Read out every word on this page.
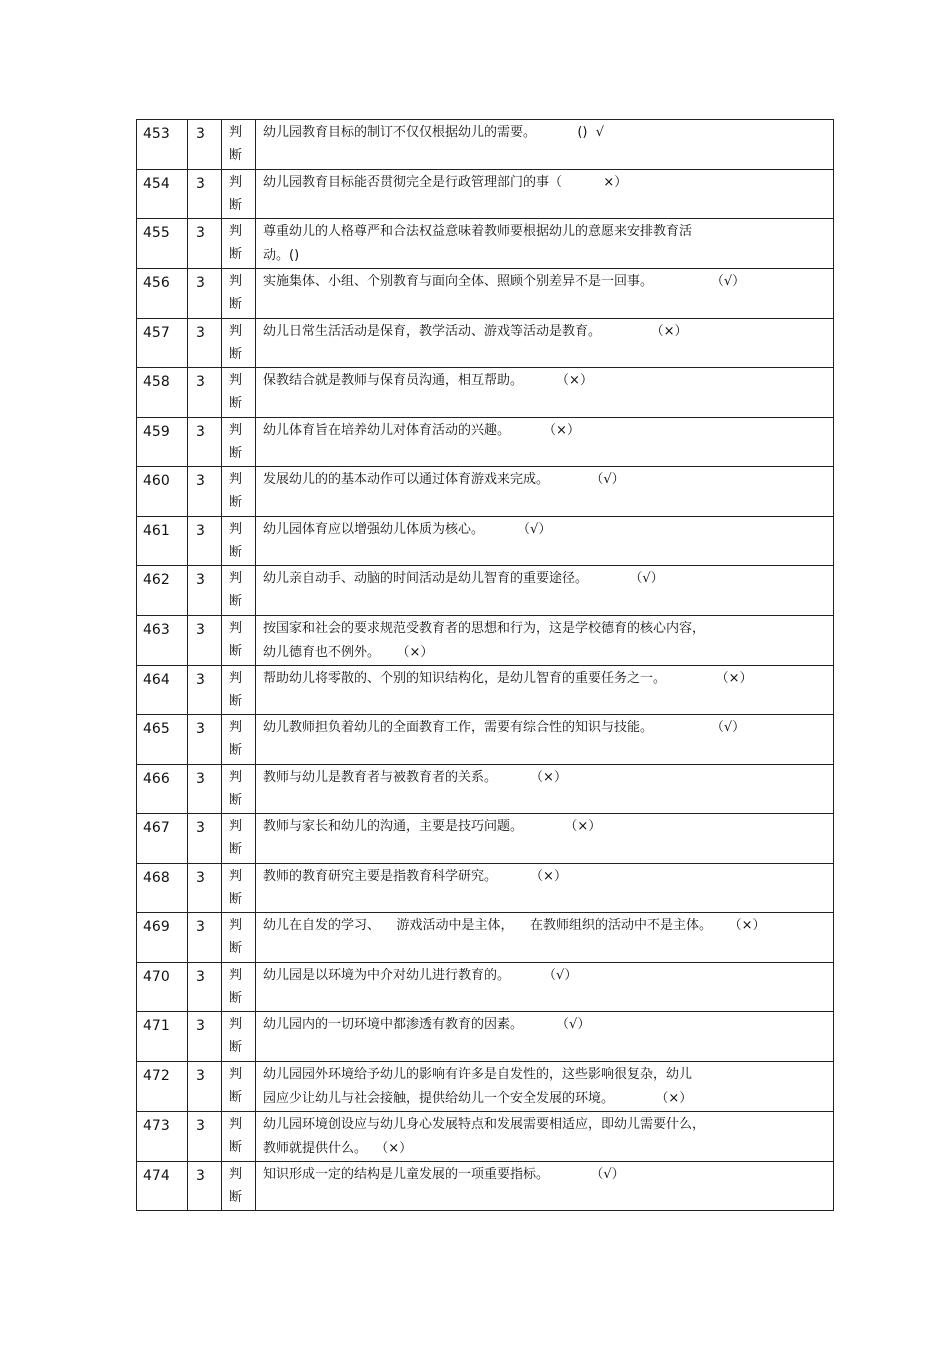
453	3	判
断	幼儿园教育目标的制订不仅仅根据幼儿的需要。          ()  √

454	3	判
断	幼儿园教育目标能否贯彻完全是行政管理部门的事（          ×）

455	3	判
断	尊重幼儿的人格尊严和合法权益意味着教师要根据幼儿的意愿来安排教育活
动。()

456	3	判
断	实施集体、小组、个别教育与面向全体、照顾个别差异不是一回事。              （√）

457	3	判
断	幼儿日常生活活动是保育，教学活动、游戏等活动是教育。            （×）

458	3	判
断	保教结合就是教师与保育员沟通，相互帮助。        （×）

459	3	判
断	幼儿体育旨在培养幼儿对体育活动的兴趣。        （×）

460	3	判
断	发展幼儿的的基本动作可以通过体育游戏来完成。          （√）

461	3	判
断	幼儿园体育应以增强幼儿体质为核心。        （√）

462	3	判
断	幼儿亲自动手、动脑的时间活动是幼儿智育的重要途径。          （√）

463	3	判
断	按国家和社会的要求规范受教育者的思想和行为，这是学校德育的核心内容，
幼儿德育也不例外。    （×）

464	3	判
断	帮助幼儿将零散的、个别的知识结构化，是幼儿智育的重要任务之一。            （×）

465	3	判
断	幼儿教师担负着幼儿的全面教育工作，需要有综合性的知识与技能。              （√）

466	3	判
断	教师与幼儿是教育者与被教育者的关系。        （×）

467	3	判
断	教师与家长和幼儿的沟通，主要是技巧问题。          （×）

468	3	判
断	教师的教育研究主要是指教育科学研究。        （×）

469	3	判
断	幼儿在自发的学习、    游戏活动中是主体，    在教师组织的活动中不是主体。    （×）

470	3	判
断	幼儿园是以环境为中介对幼儿进行教育的。        （√）

471	3	判
断	幼儿园内的一切环境中都渗透有教育的因素。        （√）

472	3	判
断	幼儿园园外环境给予幼儿的影响有许多是自发性的，这些影响很复杂，幼儿
园应少让幼儿与社会接触，提供给幼儿一个安全发展的环境。          （×）

473	3	判
断	幼儿园环境创设应与幼儿身心发展特点和发展需要相适应，即幼儿需要什么，
教师就提供什么。  （×）

474	3	判
断	知识形成一定的结构是儿童发展的一项重要指标。          （√）
